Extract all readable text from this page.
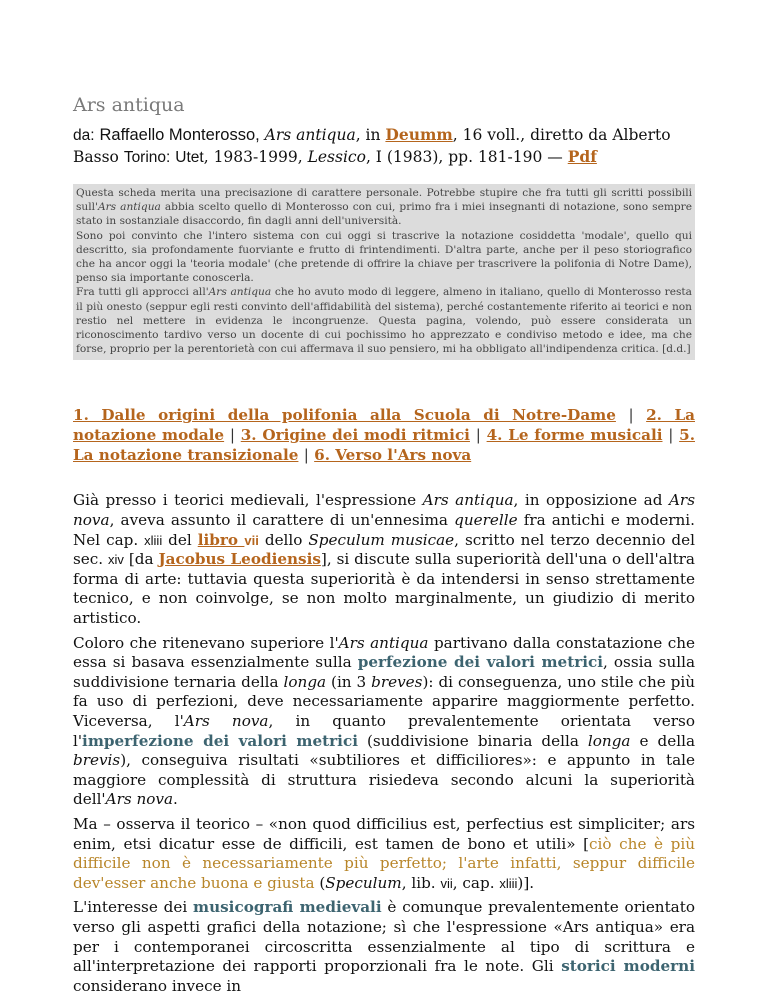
Ars antiqua

da: Raffaello Monterosso, Ars antiqua, in Deumm, 16 voll., diretto da Alberto Basso Torino: Utet, 1983-1999, Lessico, I (1983), pp. 181-190 — Pdf

Questa scheda merita una precisazione di carattere personale. Potrebbe stupire che fra tutti gli scritti possibili sull'Ars antiqua abbia scelto quello di Monterosso con cui, primo fra i miei insegnanti di notazione, sono sempre stato in sostanziale disaccordo, fin dagli anni dell'università.

Sono poi convinto che l'intero sistema con cui oggi si trascrive la notazione cosiddetta 'modale', quello qui descritto, sia profondamente fuorviante e frutto di frintendimenti. D'altra parte, anche per il peso storiografico che ha ancor oggi la 'teoria modale' (che pretende di offrire la chiave per trascrivere la polifonia di Notre Dame), penso sia importante conoscerla.

Fra tutti gli approcci all'Ars antiqua che ho avuto modo di leggere, almeno in italiano, quello di Monterosso resta il più onesto (seppur egli resti convinto dell'affidabilità del sistema), perché costantemente riferito ai teorici e non restio nel mettere in evidenza le incongruenze. Questa pagina, volendo, può essere considerata un riconoscimento tardivo verso un docente di cui pochissimo ho apprezzato e condiviso metodo e idee, ma che forse, proprio per la perentorietà con cui affermava il suo pensiero, mi ha obbligato all'indipendenza critica. [d.d.]

1. Dalle origini della polifonia alla Scuola di Notre-Dame | 2. La notazione modale | 3. Origine dei modi ritmici | 4. Le forme musicali | 5. La notazione transizionale | 6. Verso l'Ars nova

Già presso i teorici medievali, l'espressione Ars antiqua, in opposizione ad Ars nova, aveva assunto il carattere di un'ennesima querelle fra antichi e moderni. Nel cap. xliii del libro vii dello Speculum musicae, scritto nel terzo decennio del sec. xiv [da Jacobus Leodiensis], si discute sulla superiorità dell'una o dell'altra forma di arte: tuttavia questa superiorità è da intendersi in senso strettamente tecnico, e non coinvolge, se non molto marginalmente, un giudizio di merito artistico.

Coloro che ritenevano superiore l'Ars antiqua partivano dalla constatazione che essa si basava essenzialmente sulla perfezione dei valori metrici, ossia sulla suddivisione ternaria della longa (in 3 breves): di conseguenza, uno stile che più fa uso di perfezioni, deve necessariamente apparire maggiormente perfetto. Viceversa, l'Ars nova, in quanto prevalentemente orientata verso l'imperfezione dei valori metrici (suddivisione binaria della longa e della brevis), conseguiva risultati «subtiliores et difficiliores»: e appunto in tale maggiore complessità di struttura risiedeva secondo alcuni la superiorità dell'Ars nova.

Ma – osserva il teorico – «non quod difficilius est, perfectius est simpliciter; ars enim, etsi dicatur esse de difficili, est tamen de bono et utili» [ciò che è più difficile non è necessariamente più perfetto; l'arte infatti, seppur difficile dev'esser anche buona e giusta (Speculum, lib. vii, cap. xliii)].

L'interesse dei musicografi medievali è comunque prevalentemente orientato verso gli aspetti grafici della notazione; sì che l'espressione «Ars antiqua» era per i contemporanei circoscritta essenzialmente al tipo di scrittura e all'interpretazione dei rapporti proporzionali fra le note. Gli storici moderni considerano invece in
